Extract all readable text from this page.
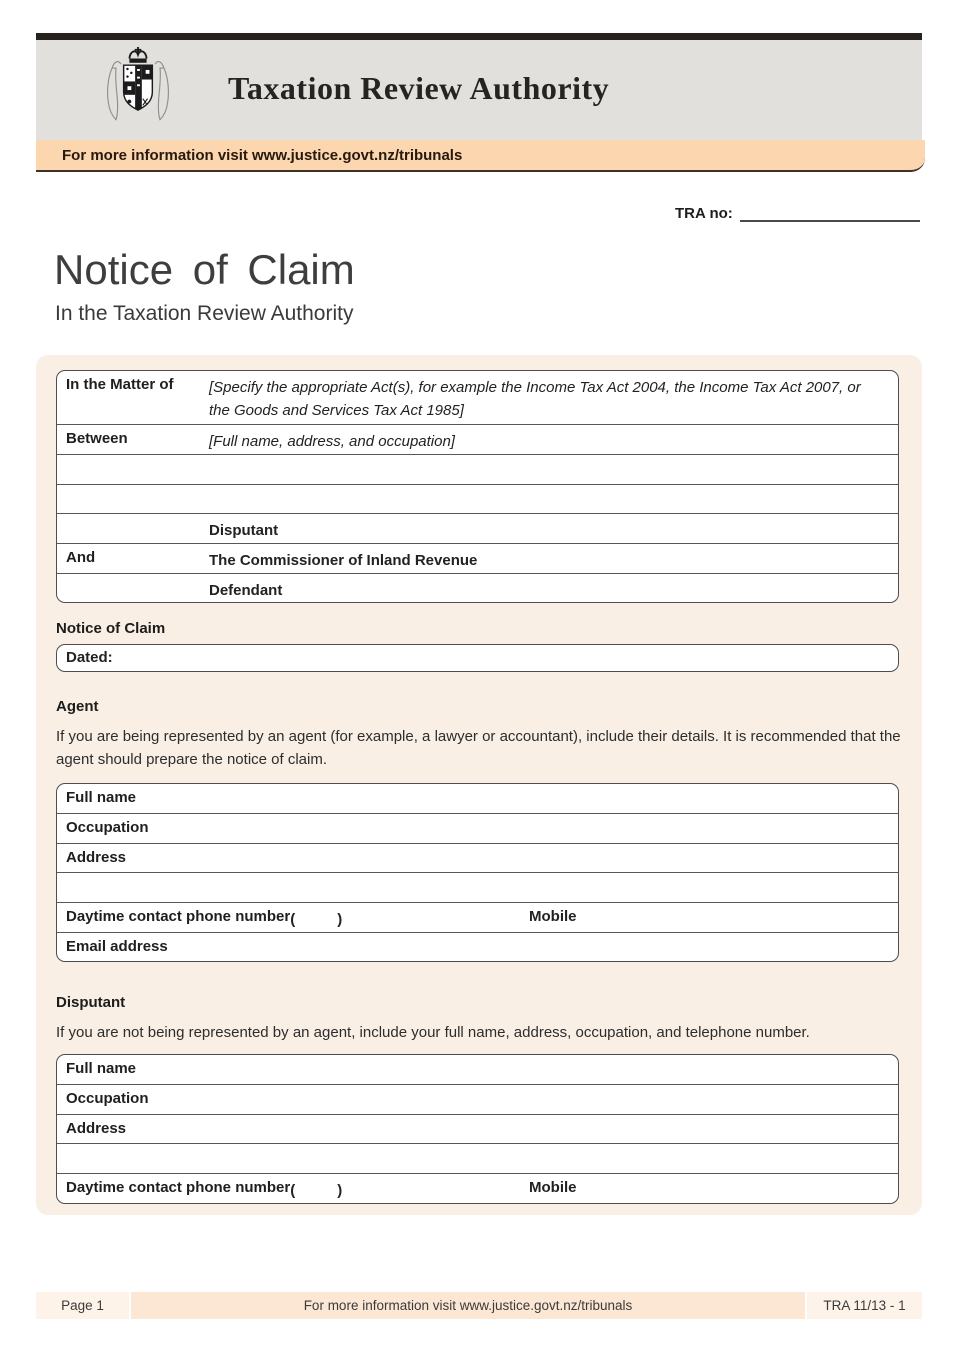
Taxation Review Authority
For more information visit www.justice.govt.nz/tribunals
TRA no:
Notice of Claim
In the Taxation Review Authority
In the Matter of	[Specify the appropriate Act(s), for example the Income Tax Act 2004, the Income Tax Act 2007, or the Goods and Services Tax Act 1985]
Between	[Full name, address, and occupation]
Disputant
And	The Commissioner of Inland Revenue
Defendant
Notice of Claim
Dated:
Agent
If you are being represented by an agent (for example, a lawyer or accountant), include their details. It is recommended that the agent should prepare the notice of claim.
Full name
Occupation
Address
Daytime contact phone number (	)	Mobile
Email address
Disputant
If you are not being represented by an agent, include your full name, address, occupation, and telephone number.
Full name
Occupation
Address
Daytime contact phone number (	)	Mobile
Page 1	For more information visit www.justice.govt.nz/tribunals	TRA 11/13 - 1
